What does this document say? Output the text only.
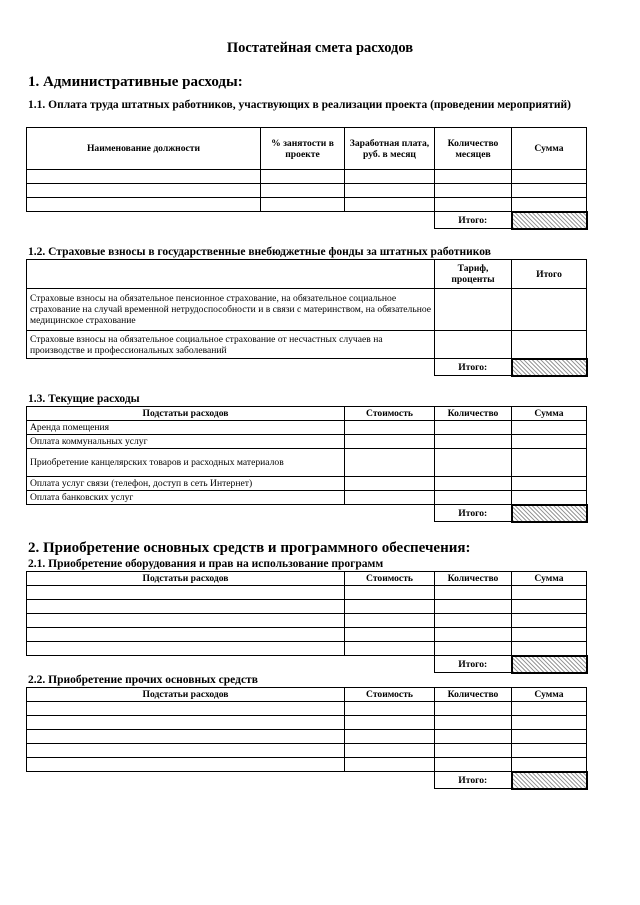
Постатейная смета расходов
1. Административные расходы:
1.1. Оплата труда штатных работников, участвующих в реализации проекта (проведении мероприятий)
Наименование должности	% занятости в проекте	Заработная плата, руб. в месяц	Количество месяцев	Сумма

			Итого:	
1.2. Страховые взносы в государственные внебюджетные фонды за штатных работников
	Тариф, проценты	Итого
Страховые взносы на обязательное пенсионное страхование, на обязательное социальное страхование на случай временной нетрудоспособности и в связи с материнством, на обязательное медицинское страхование		
Страховые взносы на обязательное социальное страхование от несчастных случаев на производстве и профессиональных заболеваний		
	Итого:	
1.3. Текущие расходы
Подстатьи расходов	Стоимость	Количество	Сумма
Аренда помещения			
Оплата коммунальных услуг			
Приобретение канцелярских товаров и расходных материалов			
Оплата услуг связи (телефон, доступ в сеть Интернет)			
Оплата банковских услуг			
		Итого:	
2. Приобретение основных средств и программного обеспечения:
2.1. Приобретение оборудования и прав на использование программ
Подстатьи расходов	Стоимость	Количество	Сумма

		Итого:	
2.2. Приобретение прочих основных средств
Подстатьи расходов	Стоимость	Количество	Сумма

		Итого:	
